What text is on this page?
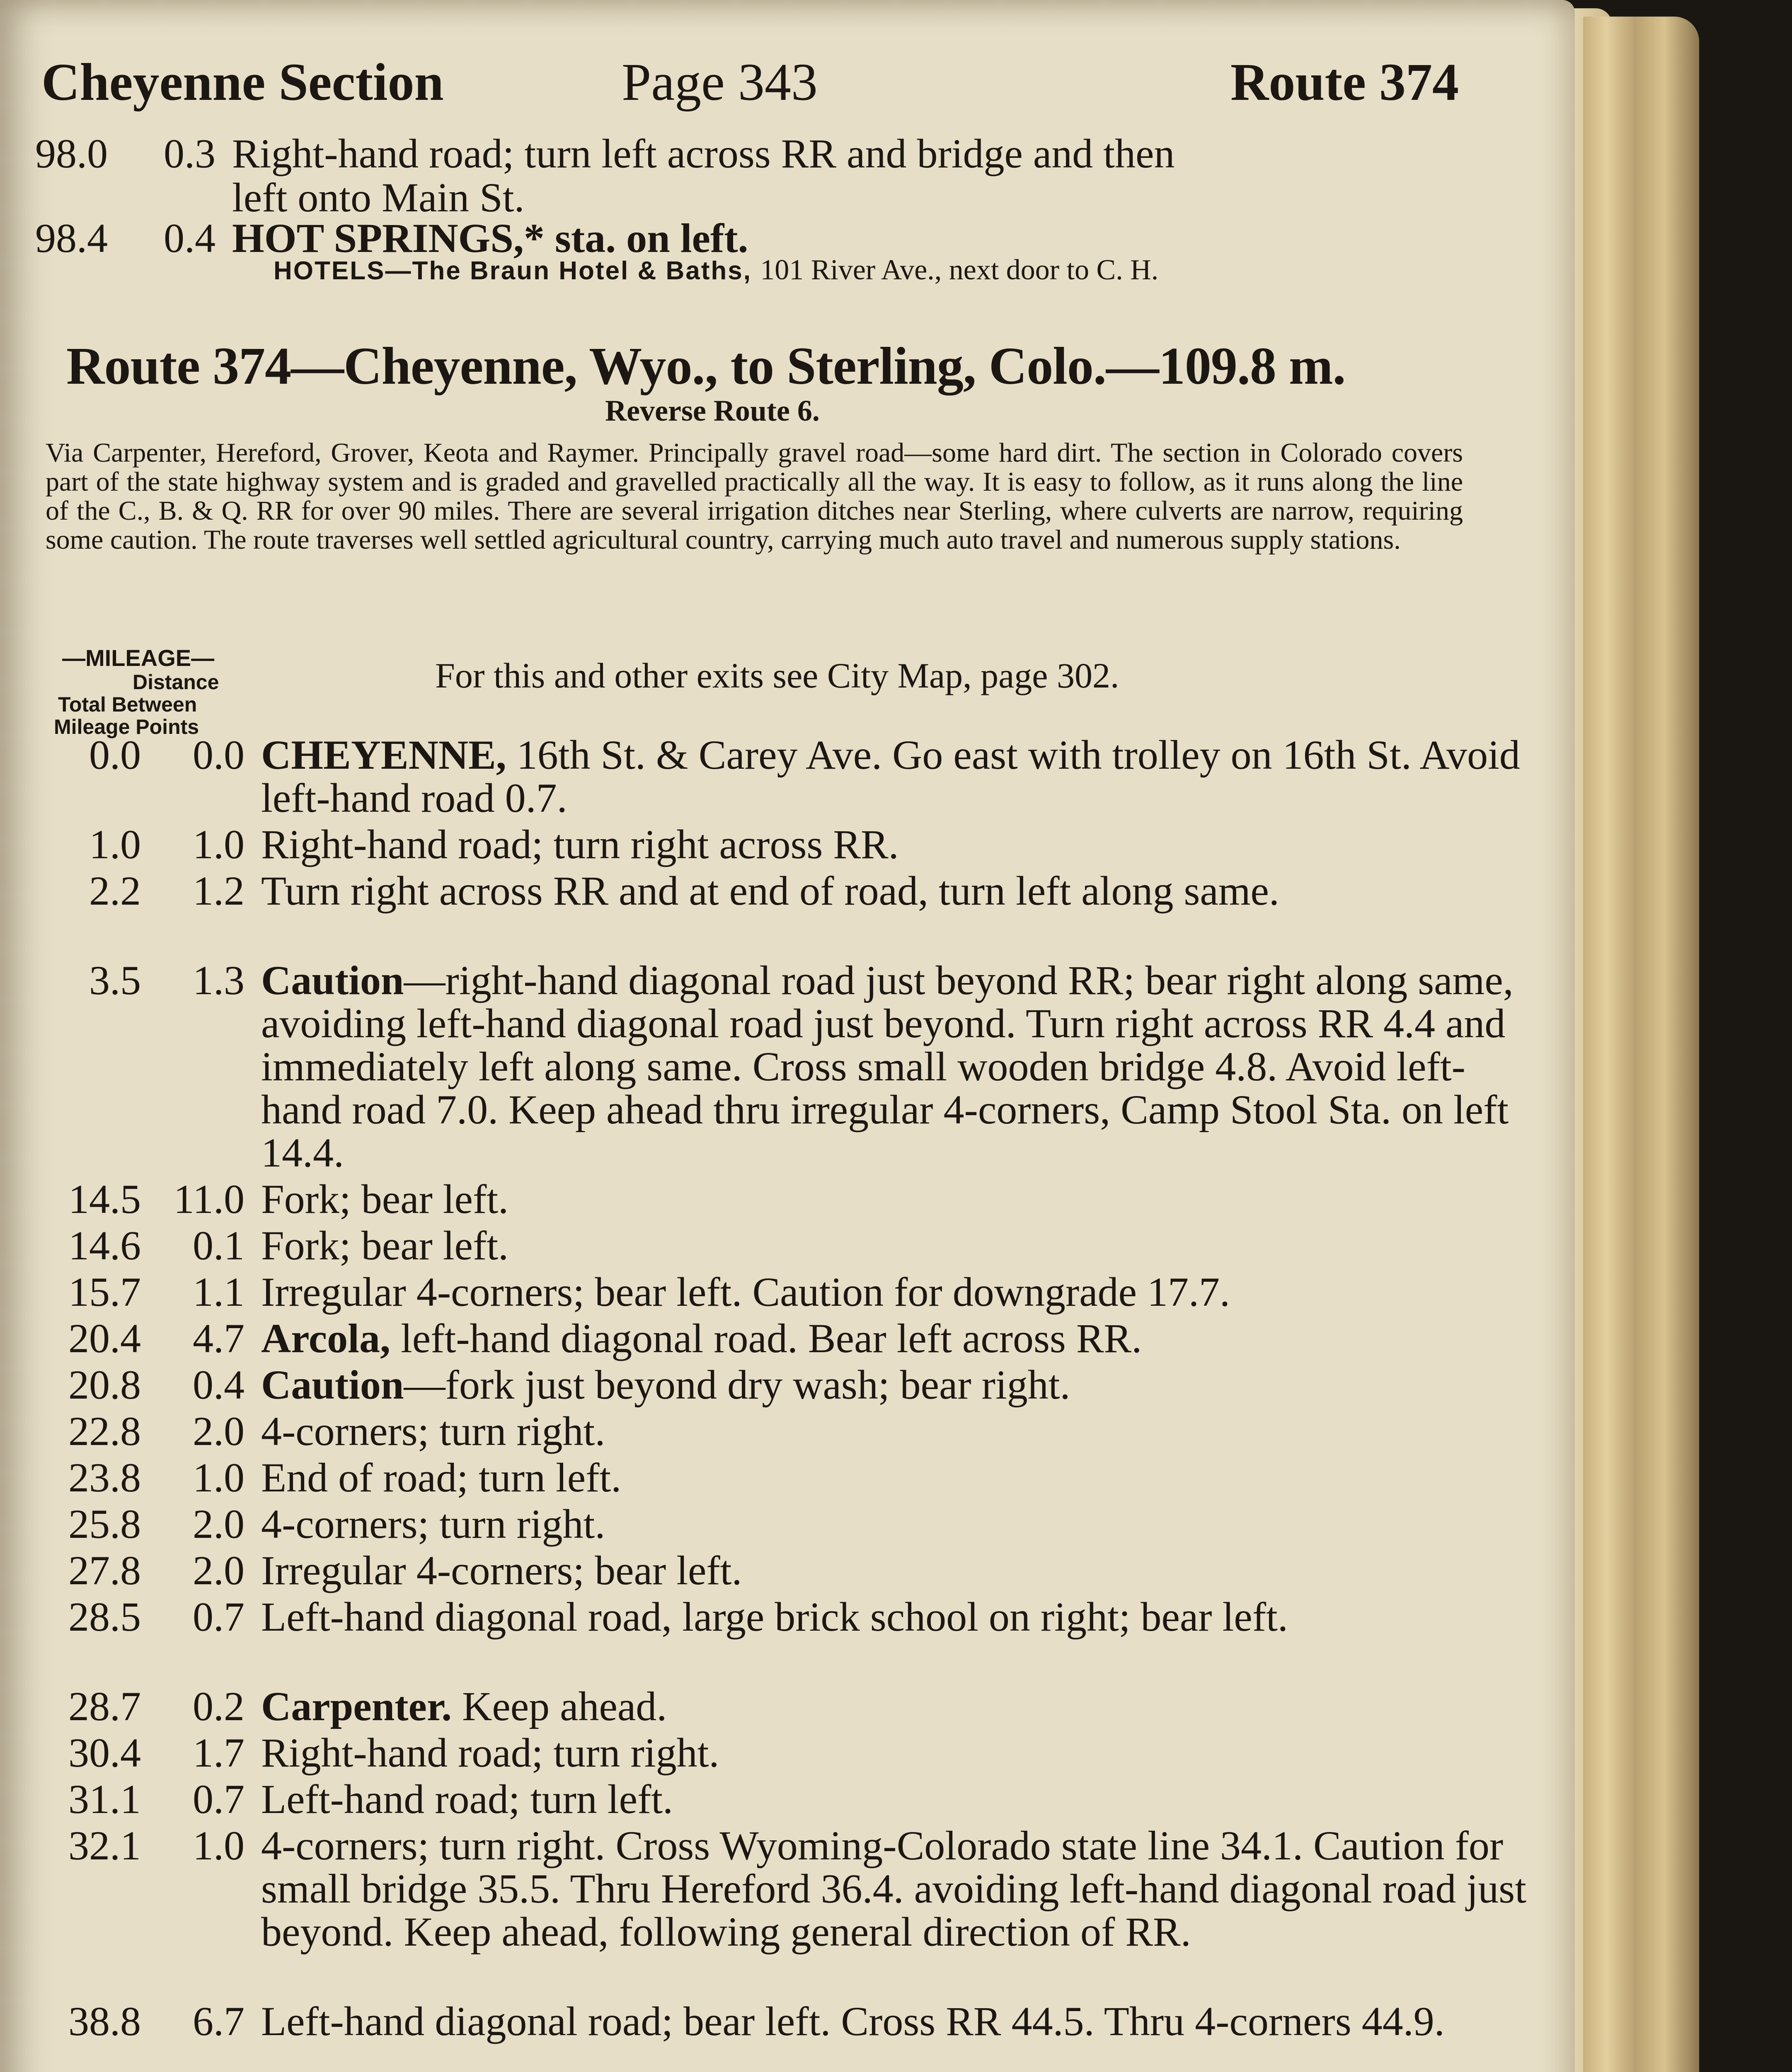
Cheyenne Section	Page 343	Route 374
98.0	0.3 Right-hand road; turn left across RR and bridge and then
left onto Main St.
98.4	0.4 HOT SPRINGS,* sta. on left.
HOTELS—The Braun Hotel & Baths, 101 River Ave., next door to C. H.
Route 374—Cheyenne, Wyo., to Sterling, Colo.—109.8 m.
Reverse Route 6.
Via Carpenter, Hereford, Grover, Keota and Raymer. Principally gravel road—some hard dirt. The section in Colorado covers part of the state highway system and is graded and gravelled practically all the way. It is easy to follow, as it runs along the line of the C., B. & Q. RR for over 90 miles. There are several irrigation ditches near Sterling, where culverts are narrow, requiring some caution. The route traverses well settled agricultural country, carrying much auto travel and numerous supply stations.
—MILEAGE—
Distance
Total Between
Mileage Points
For this and other exits see City Map, page 302.
0.0	0.0 CHEYENNE, 16th St. & Carey Ave. Go east with trolley on 16th St. Avoid left-hand road 0.7.
1.0	1.0 Right-hand road; turn right across RR.
2.2	1.2 Turn right across RR and at end of road, turn left along same.
3.5	1.3 Caution—right-hand diagonal road just beyond RR; bear right along same, avoiding left-hand diagonal road just beyond. Turn right across RR 4.4 and immediately left along same. Cross small wooden bridge 4.8. Avoid left-hand road 7.0. Keep ahead thru irregular 4-corners, Camp Stool Sta. on left 14.4.
14.5 11.0 Fork; bear left.
14.6	0.1 Fork; bear left.
15.7	1.1 Irregular 4-corners; bear left. Caution for downgrade 17.7.
20.4	4.7 Arcola, left-hand diagonal road. Bear left across RR.
20.8	0.4 Caution—fork just beyond dry wash; bear right.
22.8	2.0 4-corners; turn right.
23.8	1.0 End of road; turn left.
25.8	2.0 4-corners; turn right.
27.8	2.0 Irregular 4-corners; bear left.
28.5	0.7 Left-hand diagonal road, large brick school on right; bear left.
28.7	0.2 Carpenter. Keep ahead.
30.4	1.7 Right-hand road; turn right.
31.1	0.7 Left-hand road; turn left.
32.1	1.0 4-corners; turn right. Cross Wyoming-Colorado state line 34.1. Caution for small bridge 35.5. Thru Hereford 36.4. avoiding left-hand diagonal road just beyond. Keep ahead, following general direction of RR.
38.8	6.7 Left-hand diagonal road; bear left. Cross RR 44.5. Thru 4-corners 44.9.
